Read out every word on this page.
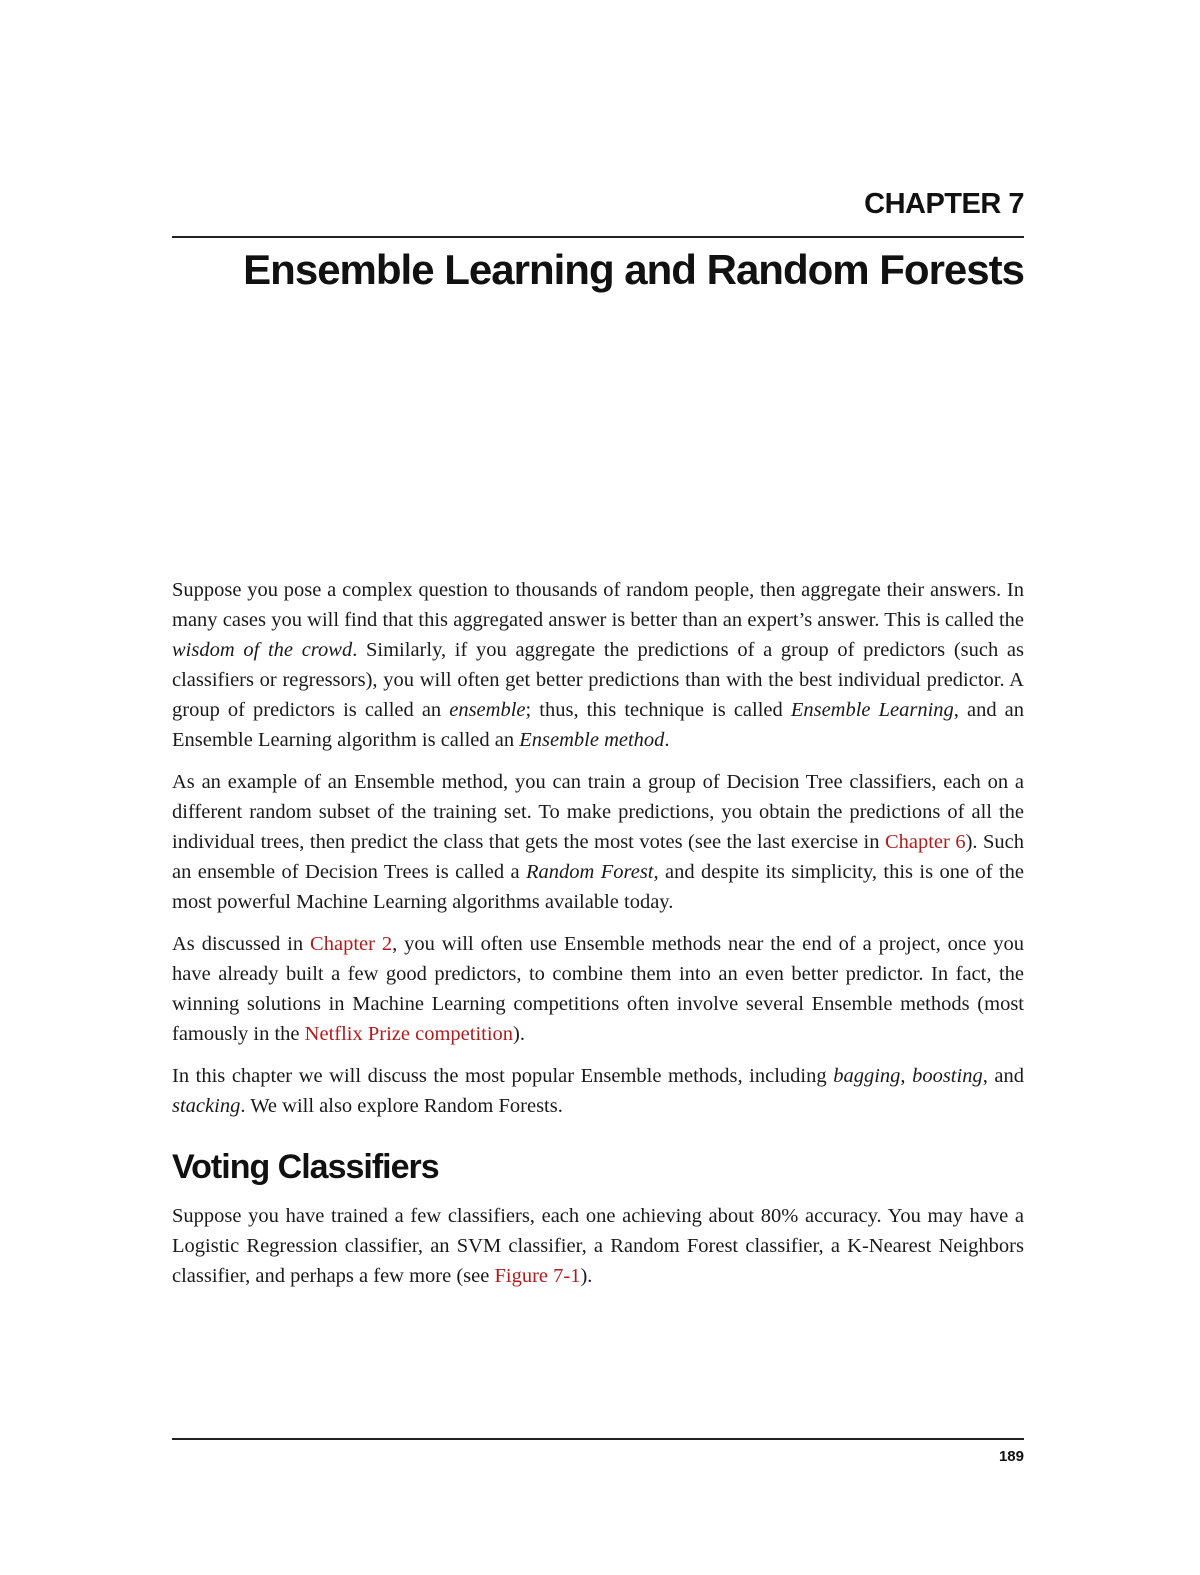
CHAPTER 7
Ensemble Learning and Random Forests

Suppose you pose a complex question to thousands of random people, then aggregate their answers. In many cases you will find that this aggregated answer is better than an expert’s answer. This is called the wisdom of the crowd. Similarly, if you aggregate the predictions of a group of predictors (such as classifiers or regressors), you will often get better predictions than with the best individual predictor. A group of predictors is called an ensemble; thus, this technique is called Ensemble Learning, and an Ensemble Learning algorithm is called an Ensemble method.

As an example of an Ensemble method, you can train a group of Decision Tree classifiers, each on a different random subset of the training set. To make predictions, you obtain the predictions of all the individual trees, then predict the class that gets the most votes (see the last exercise in Chapter 6). Such an ensemble of Decision Trees is called a Random Forest, and despite its simplicity, this is one of the most powerful Machine Learning algorithms available today.

As discussed in Chapter 2, you will often use Ensemble methods near the end of a project, once you have already built a few good predictors, to combine them into an even better predictor. In fact, the winning solutions in Machine Learning competitions often involve several Ensemble methods (most famously in the Netflix Prize competition).

In this chapter we will discuss the most popular Ensemble methods, including bagging, boosting, and stacking. We will also explore Random Forests.

Voting Classifiers

Suppose you have trained a few classifiers, each one achieving about 80% accuracy. You may have a Logistic Regression classifier, an SVM classifier, a Random Forest classifier, a K-Nearest Neighbors classifier, and perhaps a few more (see Figure 7-1).

189
